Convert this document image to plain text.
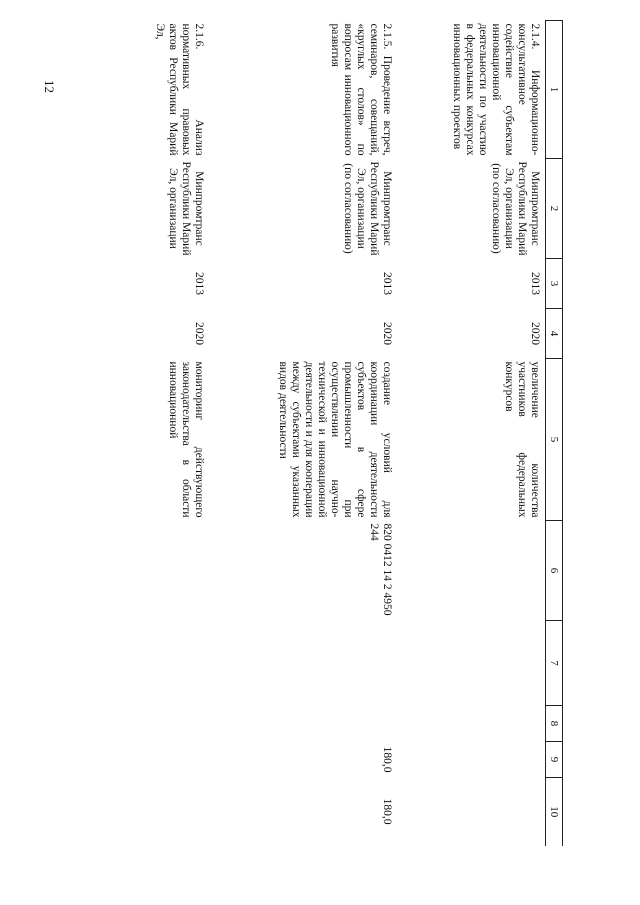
12	1	2	3	4	5	6	7	8	9	10
2.1.4. Информационно-консультативное содействие субъектам инновационной деятельности по участию в федеральных конкурсах инновационных проектов	Минпромтранс Республики Марий Эл, организации (по согласованию)	2013	2020	увеличение количества участников федеральных конкурсов					
2.1.5. Проведение встреч, семинаров, совещаний, «круглых столов» по вопросам инновационного развития	Минпромтранс Республики Марий Эл, организации (по согласованию)	2013	2020	создание условий для координации деятельности субъектов в сфере промышленности при осуществлении научно-технической и инновационной деятельности и для кооперации между субъектами указанных видов деятельности	820 0412 14 2 4950 244			180,0	180,0
2.1.6. Анализ нормативных правовых актов Республики Марий Эл,	Минпромтранс Республики Марий Эл, организации	2013	2020	мониторинг действующего законодательства в области инновационной					
